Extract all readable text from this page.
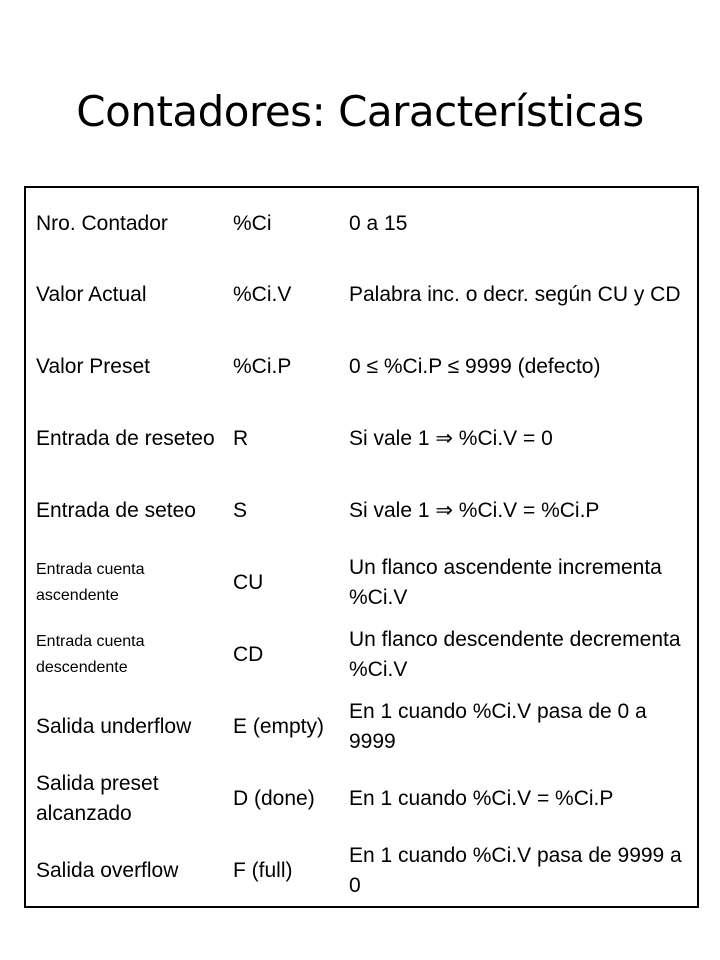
Contadores: Características
Nro. Contador	%Ci	0 a 15
Valor Actual	%Ci.V	Palabra inc. o decr. según CU y CD
Valor Preset	%Ci.P	0 ≤ %Ci.P ≤ 9999 (defecto)
Entrada de reseteo	R	Si vale 1 ⇒ %Ci.V = 0
Entrada de seteo	S	Si vale 1 ⇒ %Ci.V = %Ci.P
Entrada cuenta ascendente	CU	Un flanco ascendente incrementa %Ci.V
Entrada cuenta descendente	CD	Un flanco descendente decrementa %Ci.V
Salida underflow	E (empty)	En 1 cuando %Ci.V pasa de 0 a 9999
Salida preset alcanzado	D (done)	En 1 cuando %Ci.V = %Ci.P
Salida overflow	F (full)	En 1 cuando %Ci.V pasa de 9999 a 0
